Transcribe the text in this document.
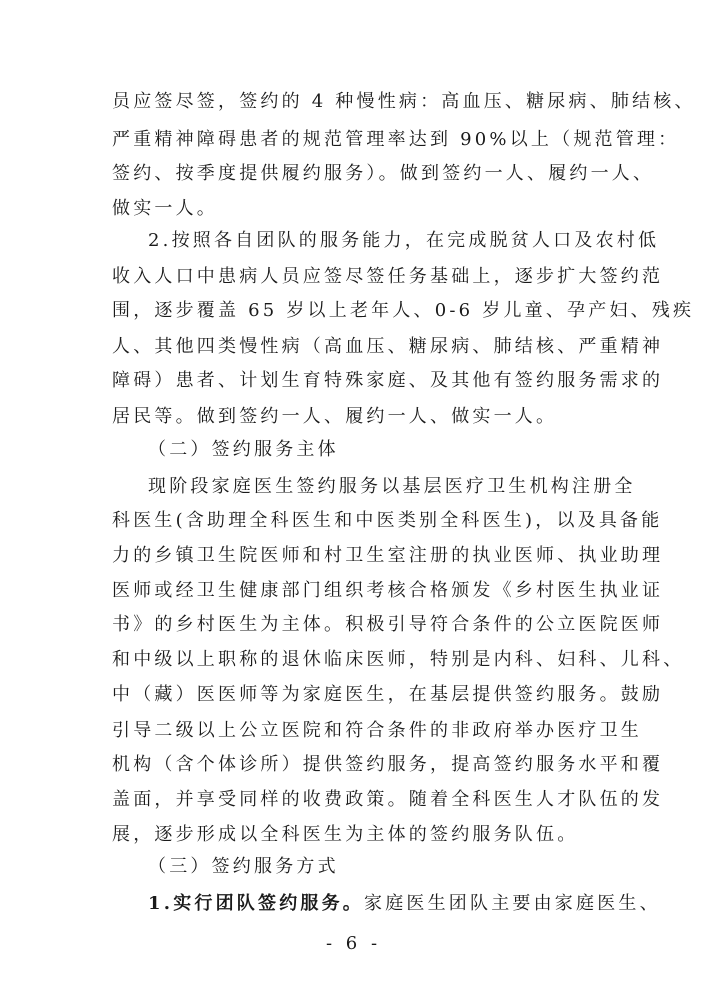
员应签尽签，签约的 4 种慢性病：高血压、糖尿病、肺结核、
严重精神障碍患者的规范管理率达到 90%以上（规范管理：
签约、按季度提供履约服务）。做到签约一人、履约一人、
做实一人。
2.按照各自团队的服务能力，在完成脱贫人口及农村低
收入人口中患病人员应签尽签任务基础上，逐步扩大签约范
围，逐步覆盖 65 岁以上老年人、0-6 岁儿童、孕产妇、残疾
人、其他四类慢性病（高血压、糖尿病、肺结核、严重精神
障碍）患者、计划生育特殊家庭、及其他有签约服务需求的
居民等。做到签约一人、履约一人、做实一人。
（二）签约服务主体
现阶段家庭医生签约服务以基层医疗卫生机构注册全
科医生(含助理全科医生和中医类别全科医生)，以及具备能
力的乡镇卫生院医师和村卫生室注册的执业医师、执业助理
医师或经卫生健康部门组织考核合格颁发《乡村医生执业证
书》的乡村医生为主体。积极引导符合条件的公立医院医师
和中级以上职称的退休临床医师，特别是内科、妇科、儿科、
中（藏）医医师等为家庭医生，在基层提供签约服务。鼓励
引导二级以上公立医院和符合条件的非政府举办医疗卫生
机构（含个体诊所）提供签约服务，提高签约服务水平和覆
盖面，并享受同样的收费政策。随着全科医生人才队伍的发
展，逐步形成以全科医生为主体的签约服务队伍。
（三）签约服务方式
1.实行团队签约服务。家庭医生团队主要由家庭医生、
- 6 -
